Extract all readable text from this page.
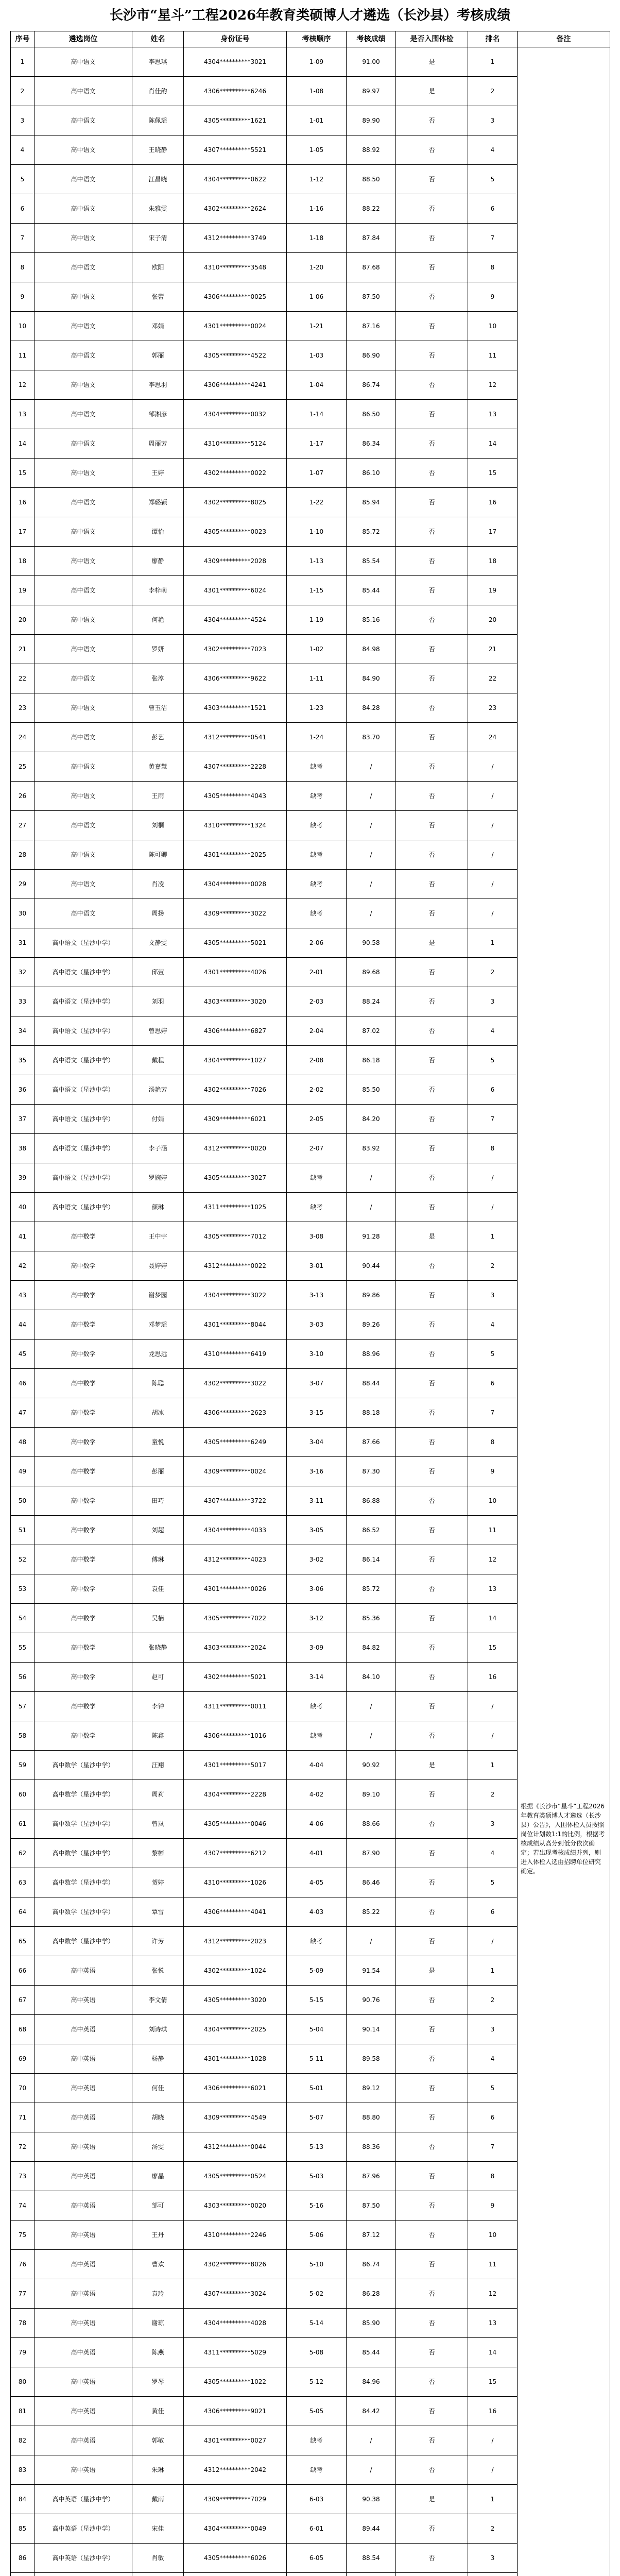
长沙市“星斗”工程2026年教育类硕博人才遴选（长沙县）考核成绩
序号	遴选岗位	姓名	身份证号	考核顺序	考核成绩	是否入围体检	排名	备注
1	高中语文	李思琪	4304**********3021	1-09	91.00	是	1	根据《长沙市“星斗”工程2026年教育类硕博人才遴选（长沙县）公告》，入围体检人员按照岗位计划数1:1的比例，根据考核成绩从高分到低分依次确定；若出现考核成绩并列，则进入体检人选由招聘单位研究确定。
2	高中语文	肖佳韵	4306**********6246	1-08	89.97	是	2	
3	高中语文	陈佩瑶	4305**********1621	1-01	89.90	否	3	
4	高中语文	王晓静	4307**********5521	1-05	88.92	否	4	
5	高中语文	江昌晓	4304**********0622	1-12	88.50	否	5	
6	高中语文	朱雅雯	4302**********2624	1-16	88.22	否	6	
7	高中语文	宋子清	4312**********3749	1-18	87.84	否	7	
8	高中语文	欧阳	4310**********3548	1-20	87.68	否	8	
9	高中语文	张蕾	4306**********0025	1-06	87.50	否	9	
10	高中语文	邓娟	4301**********0024	1-21	87.16	否	10	
11	高中语文	郭丽	4305**********4522	1-03	86.90	否	11	
12	高中语文	李思羽	4306**********4241	1-04	86.74	否	12	
13	高中语文	邹湘彦	4304**********0032	1-14	86.50	否	13	
14	高中语文	周丽芳	4310**********5124	1-17	86.34	否	14	
15	高中语文	王婷	4302**********0022	1-07	86.10	否	15	
16	高中语文	郑璐颖	4302**********8025	1-22	85.94	否	16	
17	高中语文	谭怡	4305**********0023	1-10	85.72	否	17	
18	高中语文	廖静	4309**********2028	1-13	85.54	否	18	
19	高中语文	李梓萌	4301**********6024	1-15	85.44	否	19	
20	高中语文	何艳	4304**********4524	1-19	85.16	否	20	
21	高中语文	罗妍	4302**********7023	1-02	84.98	否	21	
22	高中语文	张淳	4306**********9622	1-11	84.90	否	22	
23	高中语文	曹玉洁	4303**********1521	1-23	84.28	否	23	
24	高中语文	彭艺	4312**********0541	1-24	83.70	否	24	
25	高中语文	黄嘉慧	4307**********2228	缺考	/	否	/	
26	高中语文	王雨	4305**********4043	缺考	/	否	/	
27	高中语文	刘桐	4310**********1324	缺考	/	否	/	
28	高中语文	陈可卿	4301**********2025	缺考	/	否	/	
29	高中语文	肖凌	4304**********0028	缺考	/	否	/	
30	高中语文	周扬	4309**********3022	缺考	/	否	/	
31	高中语文（星沙中学）	文静雯	4305**********5021	2-06	90.58	是	1	
32	高中语文（星沙中学）	邱萱	4301**********4026	2-01	89.68	否	2	
33	高中语文（星沙中学）	刘羽	4303**********3020	2-03	88.24	否	3	
34	高中语文（星沙中学）	曾思婷	4306**********6827	2-04	87.02	否	4	
35	高中语文（星沙中学）	戴程	4304**********1027	2-08	86.18	否	5	
36	高中语文（星沙中学）	汤艳芳	4302**********7026	2-02	85.50	否	6	
37	高中语文（星沙中学）	付娟	4309**********6021	2-05	84.20	否	7	
38	高中语文（星沙中学）	李子涵	4312**********0020	2-07	83.92	否	8	
39	高中语文（星沙中学）	罗婉婷	4305**********3027	缺考	/	否	/	
40	高中语文（星沙中学）	颜琳	4311**********1025	缺考	/	否	/	
41	高中数学	王中宇	4305**********7012	3-08	91.28	是	1	
42	高中数学	聂婷婷	4312**********0022	3-01	90.44	否	2	
43	高中数学	谢梦园	4304**********3022	3-13	89.86	否	3	
44	高中数学	邓梦瑶	4301**********8044	3-03	89.26	否	4	
45	高中数学	龙思远	4310**********6419	3-10	88.96	否	5	
46	高中数学	陈聪	4302**********3022	3-07	88.44	否	6	
47	高中数学	胡冰	4306**********2623	3-15	88.18	否	7	
48	高中数学	童悦	4305**********6249	3-04	87.66	否	8	
49	高中数学	彭丽	4309**********0024	3-16	87.30	否	9	
50	高中数学	田巧	4307**********3722	3-11	86.88	否	10	
51	高中数学	刘超	4304**********4033	3-05	86.52	否	11	
52	高中数学	傅琳	4312**********4023	3-02	86.14	否	12	
53	高中数学	袁佳	4301**********0026	3-06	85.72	否	13	
54	高中数学	吴楠	4305**********7022	3-12	85.36	否	14	
55	高中数学	张晓静	4303**********2024	3-09	84.82	否	15	
56	高中数学	赵可	4302**********5021	3-14	84.10	否	16	
57	高中数学	李钟	4311**********0011	缺考	/	否	/	
58	高中数学	陈鑫	4306**********1016	缺考	/	否	/	
59	高中数学（星沙中学）	汪翔	4301**********5017	4-04	90.92	是	1	
60	高中数学（星沙中学）	周莉	4304**********2228	4-02	89.10	否	2	
61	高中数学（星沙中学）	曾岚	4305**********0046	4-06	88.66	否	3	
62	高中数学（星沙中学）	黎彬	4307**********6212	4-01	87.90	否	4	
63	高中数学（星沙中学）	贺婷	4310**********1026	4-05	86.46	否	5	
64	高中数学（星沙中学）	覃雪	4306**********4041	4-03	85.22	否	6	
65	高中数学（星沙中学）	许芳	4312**********2023	缺考	/	否	/	
66	高中英语	张悦	4302**********1024	5-09	91.54	是	1	
67	高中英语	李文倩	4305**********3020	5-15	90.76	否	2	
68	高中英语	刘诗琪	4304**********2025	5-04	90.14	否	3	
69	高中英语	杨静	4301**********1028	5-11	89.58	否	4	
70	高中英语	何佳	4306**********6021	5-01	89.12	否	5	
71	高中英语	胡晓	4309**********4549	5-07	88.80	否	6	
72	高中英语	汤雯	4312**********0044	5-13	88.36	否	7	
73	高中英语	廖晶	4305**********0524	5-03	87.96	否	8	
74	高中英语	邹可	4303**********0020	5-16	87.50	否	9	
75	高中英语	王丹	4310**********2246	5-06	87.12	否	10	
76	高中英语	曹欢	4302**********8026	5-10	86.74	否	11	
77	高中英语	袁玲	4307**********3024	5-02	86.28	否	12	
78	高中英语	谢琼	4304**********4028	5-14	85.90	否	13	
79	高中英语	陈燕	4311**********5029	5-08	85.44	否	14	
80	高中英语	罗琴	4305**********1022	5-12	84.96	否	15	
81	高中英语	黄佳	4306**********9021	5-05	84.42	否	16	
82	高中英语	郭敏	4301**********0027	缺考	/	否	/	
83	高中英语	朱琳	4312**********2042	缺考	/	否	/	
84	高中英语（星沙中学）	戴雨	4309**********7029	6-03	90.38	是	1	
85	高中英语（星沙中学）	宋佳	4304**********0049	6-01	89.44	否	2	
86	高中英语（星沙中学）	肖敏	4305**********6026	6-05	88.54	否	3	
